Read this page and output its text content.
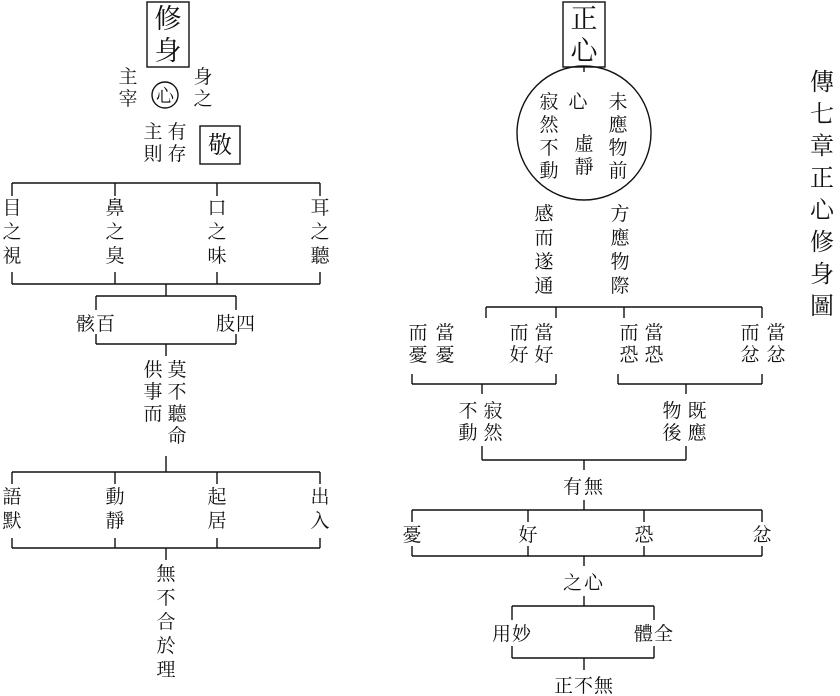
傳七章正心修身圖
修身
心
主宰
身之
有存
主則 敬
目之視
鼻之臭
口之味
耳之聽
骸百	肢四
莫不聽
供事而
命
語默
動靜
起居
出入
無不合於理
正心
寂然不動
心
虛靜
未應物前
感而遂通
方應物際
當憂
而憂
當好
而好
當恐
而恐
當忿
而忿
寂然
不動
既應
物後
有無
憂	好	恐	忿
之心
用妙	體全
正不無
